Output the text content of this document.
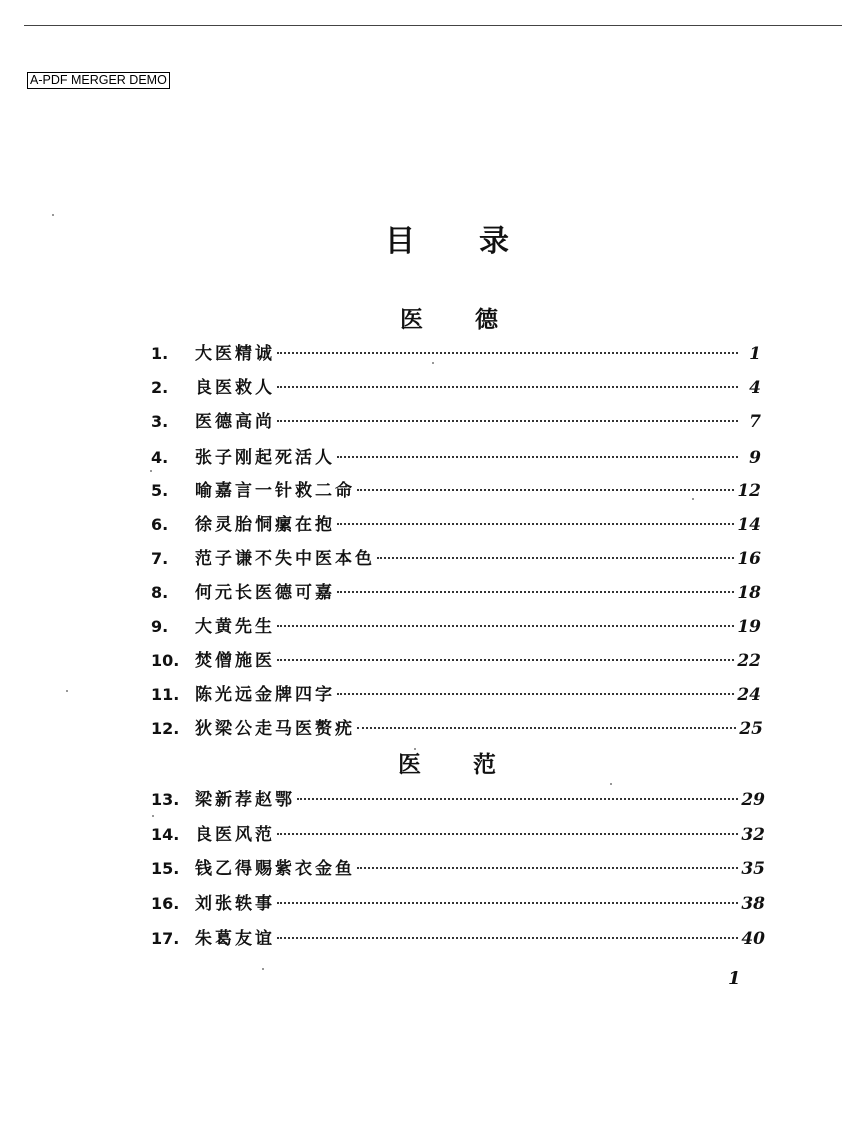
A-PDF MERGER DEMO
目 录
医 德
1.	大医精诚	1
2.	良医救人	4
3.	医德高尚	7
4.	张子刚起死活人	9
5.	喻嘉言一针救二命	12
6.	徐灵胎恫瘰在抱	14
7.	范子谦不失中医本色	16
8.	何元长医德可嘉	18
9.	大黄先生	19
10. 焚僧施医	22
11. 陈光远金牌四字	24
12. 狄梁公走马医赘疣	25
医 范
13. 梁新荐赵鄂	29
14. 良医风范	32
15. 钱乙得赐紫衣金鱼	35
16. 刘张轶事	38
17. 朱葛友谊	40
1
